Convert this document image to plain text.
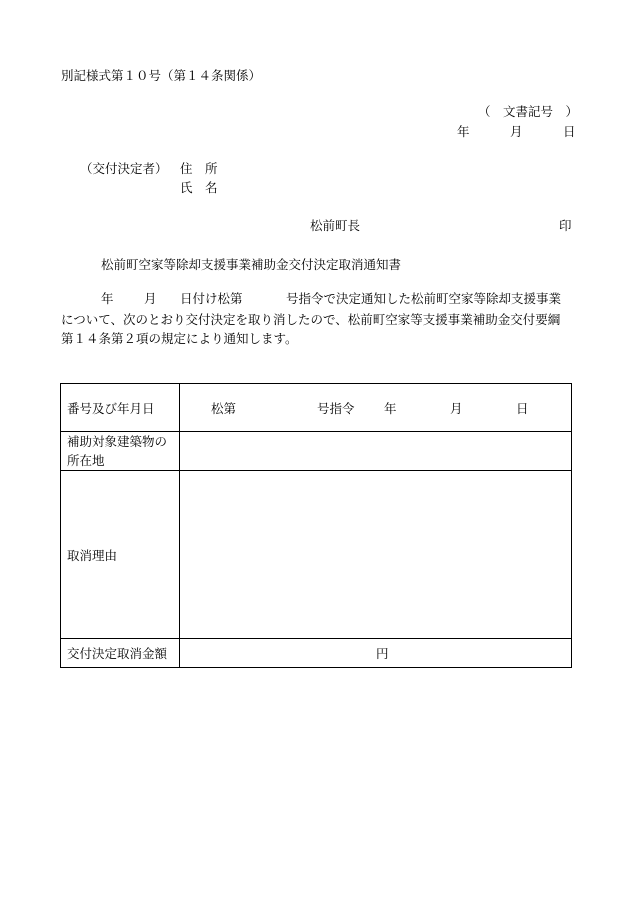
別記様式第１０号（第１４条関係）
（　文書記号　）
年	月	日
（交付決定者） 住　所
氏　名
松前町長	印
松前町空家等除却支援事業補助金交付決定取消通知書
年 月 日付け松第	号指令で決定通知した松前町空家等除却支援事業
について、次のとおり交付決定を取り消したので、松前町空家等支援事業補助金交付要綱
第１４条第２項の規定により通知します。
番号及び年月日	松第 号指令 年 月 日

補助対象建築物の
所在地	

取消理由	
交付決定取消金額	円
